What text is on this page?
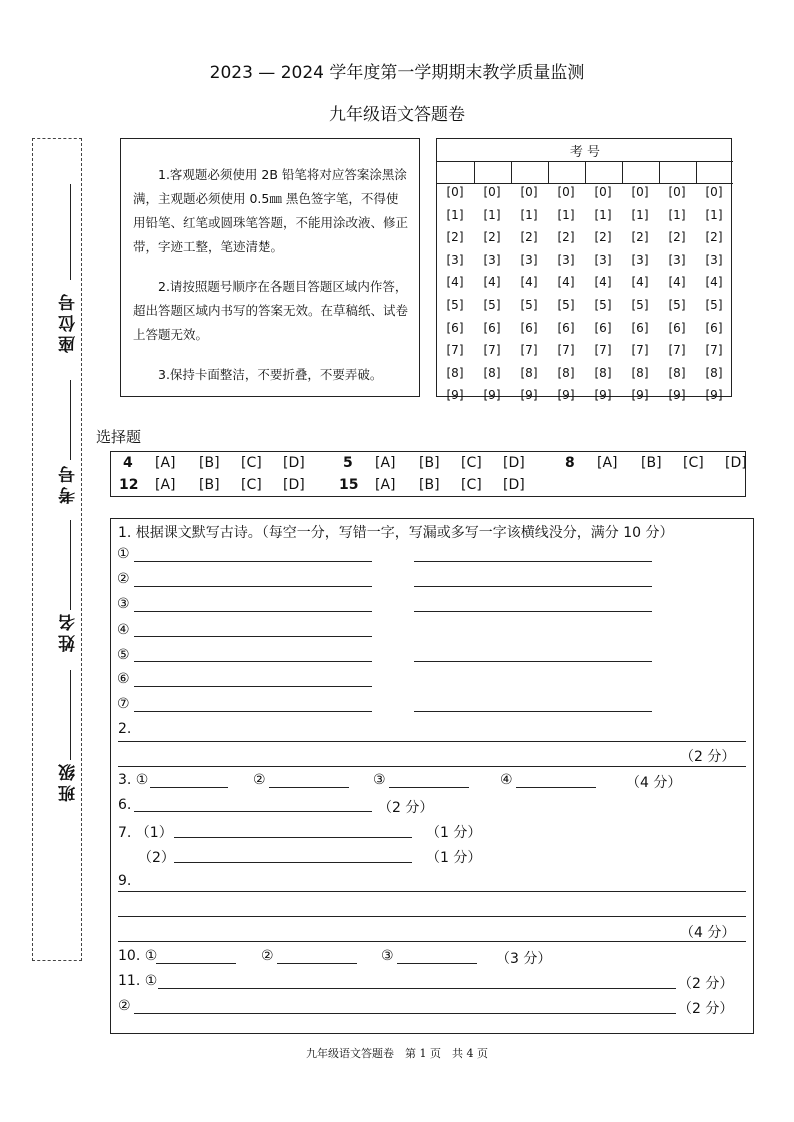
2023 — 2024 学年度第一学期期末教学质量监测
九年级语文答题卷
座位号
考号
姓名
班级

1.客观题必须使用 2B 铅笔将对应答案涂黑涂满，主观题必须使用 0.5㎜ 黑色签字笔，不得使用铅笔、红笔或圆珠笔答题，不能用涂改液、修正带，字迹工整，笔迹清楚。

2.请按照题号顺序在各题目答题区域内作答，超出答题区域内书写的答案无效。在草稿纸、试卷上答题无效。

3.保持卡面整洁，不要折叠，不要弄破。

考 号
[0]	[0]	[0]	[0]	[0]	[0]	[0]	[0]
[1]	[1]	[1]	[1]	[1]	[1]	[1]	[1]
[2]	[2]	[2]	[2]	[2]	[2]	[2]	[2]
[3]	[3]	[3]	[3]	[3]	[3]	[3]	[3]
[4]	[4]	[4]	[4]	[4]	[4]	[4]	[4]
[5]	[5]	[5]	[5]	[5]	[5]	[5]	[5]
[6]	[6]	[6]	[6]	[6]	[6]	[6]	[6]
[7]	[7]	[7]	[7]	[7]	[7]	[7]	[7]
[8]	[8]	[8]	[8]	[8]	[8]	[8]	[8]
[9]	[9]	[9]	[9]	[9]	[9]	[9]	[9]
选择题
4 [A] [B] [C] [D]	5 [A] [B] [C] [D]	8 [A] [B] [C] [D]
12 [A] [B] [C] [D] 15 [A] [B] [C] [D]
1. 根据课文默写古诗。（每空一分，写错一字，写漏或多写一字该横线没分，满分 10 分）
①
②
③
④
⑤
⑥
⑦
2.
（2 分）
3. ①	②	③	④	（4 分）
6.	（2 分）
7. （1）	（1 分）
（2）	（1 分）
9.
（4 分）
10. ①	②	③	（3 分）
11. ①	（2 分）
②	（2 分）
九年级语文答题卷　第 1 页　共 4 页
